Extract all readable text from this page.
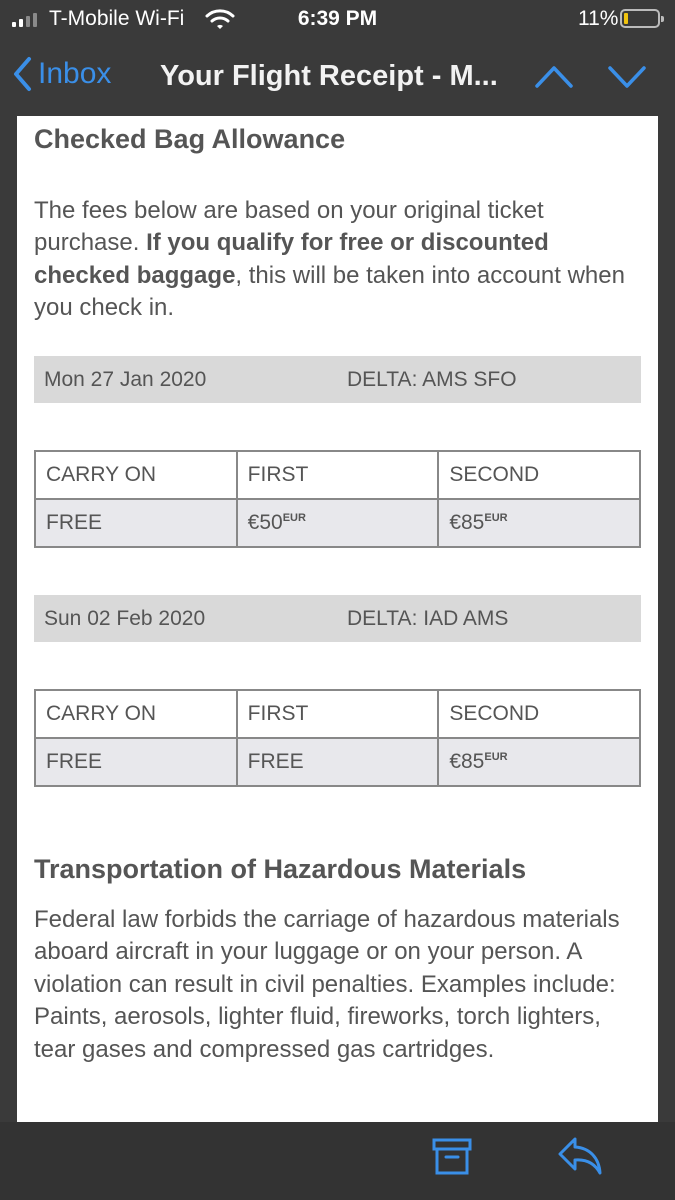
T-Mobile Wi-Fi	6:39 PM	11%
Inbox Your Flight Receipt - M...
Checked Bag Allowance
The fees below are based on your original ticket purchase. If you qualify for free or discounted checked baggage, this will be taken into account when you check in.
Mon 27 Jan 2020	DELTA: AMS SFO
CARRY ON	FIRST	SECOND
FREE	$€50^{EUR}$	$€85^{EUR}$
Sun 02 Feb 2020	DELTA: IAD AMS
CARRY ON	FIRST	SECOND
FREE	FREE	$€85^{EUR}$
Transportation of Hazardous Materials
Federal law forbids the carriage of hazardous materials aboard aircraft in your luggage or on your person. A violation can result in civil penalties. Examples include: Paints, aerosols, lighter fluid, fireworks, torch lighters, tear gases and compressed gas cartridges.
